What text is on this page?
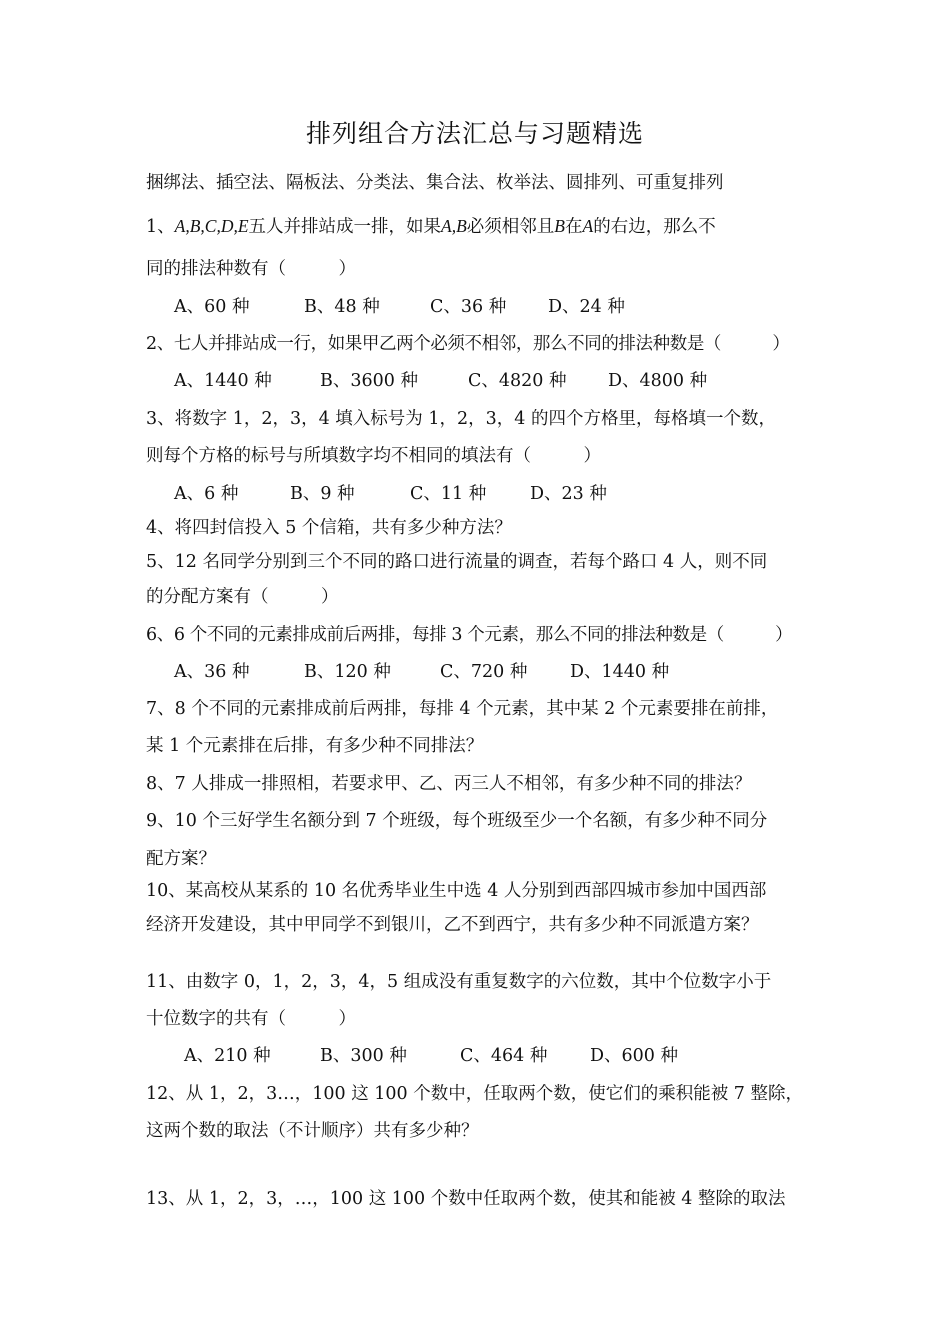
排列组合方法汇总与习题精选
捆绑法、插空法、隔板法、分类法、集合法、枚举法、圆排列、可重复排列
1、A,B,C,D,E五人并排站成一排，如果A,B必须相邻且B在A的右边，那么不
同的排法种数有（　　　）
A、60 种	B、48 种	C、36 种 D、24 种
2、七人并排站成一行，如果甲乙两个必须不相邻，那么不同的排法种数是（　　　）
A、1440 种	B、3600 种	C、4820 种 D、4800 种
3、将数字 1，2，3，4 填入标号为 1，2，3，4 的四个方格里，每格填一个数，
则每个方格的标号与所填数字均不相同的填法有（　　　）
A、6 种	B、9 种	C、11 种	D、23 种
4、将四封信投入 5 个信箱，共有多少种方法？
5、12 名同学分别到三个不同的路口进行流量的调查，若每个路口 4 人，则不同
的分配方案有（　　　）
6、6 个不同的元素排成前后两排，每排 3 个元素，那么不同的排法种数是（　　　）
A、36 种	B、120 种	C、720 种 D、1440 种
7、8 个不同的元素排成前后两排，每排 4 个元素，其中某 2 个元素要排在前排，
某 1 个元素排在后排，有多少种不同排法？
8、7 人排成一排照相，若要求甲、乙、丙三人不相邻，有多少种不同的排法？
9、10 个三好学生名额分到 7 个班级，每个班级至少一个名额，有多少种不同分
配方案？
10、某高校从某系的 10 名优秀毕业生中选 4 人分别到西部四城市参加中国西部
经济开发建设，其中甲同学不到银川，乙不到西宁，共有多少种不同派遣方案？
11、由数字 0，1，2，3，4，5 组成没有重复数字的六位数，其中个位数字小于
十位数字的共有（　　　）
A、210 种	B、300 种	C、464 种 D、600 种
12、从 1，2，3…，100 这 100 个数中，任取两个数，使它们的乘积能被 7 整除，
这两个数的取法（不计顺序）共有多少种？
13、从 1，2，3，…，100 这 100 个数中任取两个数，使其和能被 4 整除的取法
